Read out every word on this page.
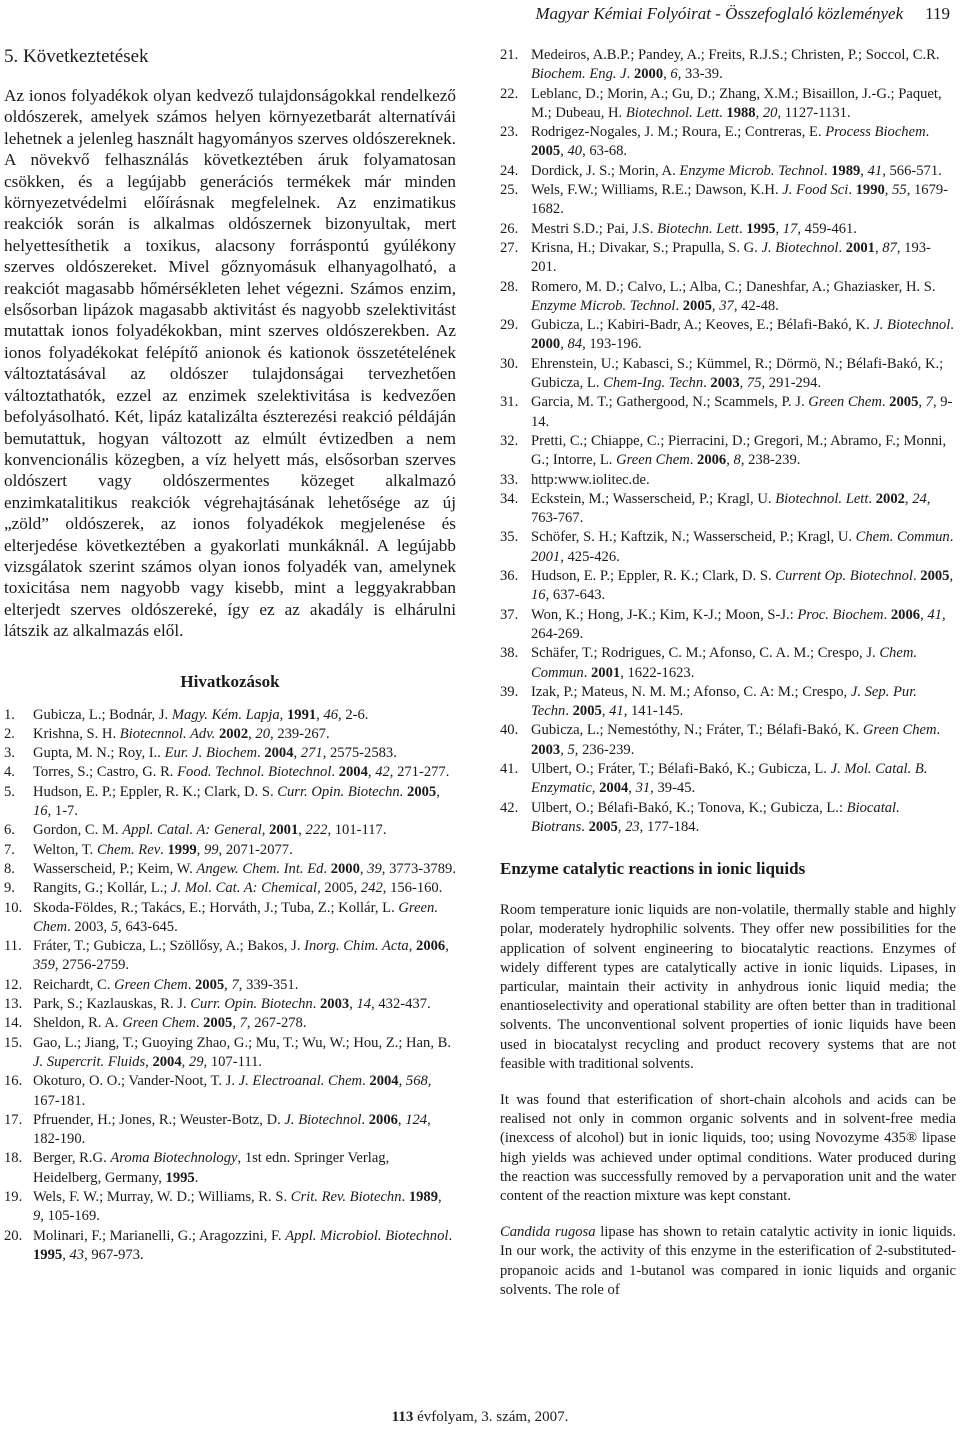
Magyar Kémiai Folyóirat - Összefoglaló közlemények 119
5. Következtetések

Az ionos folyadékok olyan kedvező tulajdonságokkal rendelkező oldószerek, amelyek számos helyen környezetbarát alternatívái lehetnek a jelenleg használt hagyományos szerves oldószereknek. A növekvő felhasználás következtében áruk folyamatosan csökken, és a legújabb generációs termékek már minden környezetvédelmi előírásnak megfelelnek. Az enzimatikus reakciók során is alkalmas oldószernek bizonyultak, mert helyettesíthetik a toxikus, alacsony forráspontú gyúlékony szerves oldószereket. Mivel gőznyomásuk elhanyagolható, a reakciót magasabb hőmérsékleten lehet végezni. Számos enzim, elsősorban lipázok magasabb aktivitást és nagyobb szelektivitást mutattak ionos folyadékokban, mint szerves oldószerekben. Az ionos folyadékokat felépítő anionok és kationok összetételének változtatásával az oldószer tulajdonságai tervezhetően változtathatók, ezzel az enzimek szelektivitása is kedvezően befolyásolható. Két, lipáz katalizálta észterezési reakció példáján bemutattuk, hogyan változott az elmúlt évtizedben a nem konvencionális közegben, a víz helyett más, elsősorban szerves oldószert vagy oldószermentes közeget alkalmazó enzimkatalitikus reakciók végrehajtásának lehetősége az új „zöld” oldószerek, az ionos folyadékok megjelenése és elterjedése következtében a gyakorlati munkáknál. A legújabb vizsgálatok szerint számos olyan ionos folyadék van, amelynek toxicitása nem nagyobb vagy kisebb, mint a leggyakrabban elterjedt szerves oldószereké, így ez az akadály is elhárulni látszik az alkalmazás elől.

Hivatkozások
1. Gubicza, L.; Bodnár, J. Magy. Kém. Lapja, 1991, 46, 2-6.
2. Krishna, S. H. Biotecnnol. Adv. 2002, 20, 239-267.
3. Gupta, M. N.; Roy, I.. Eur. J. Biochem. 2004, 271, 2575-2583.
4. Torres, S.; Castro, G. R. Food. Technol. Biotechnol. 2004, 42, 271-277.
5. Hudson, E. P.; Eppler, R. K.; Clark, D. S. Curr. Opin. Biotechn. 2005, 16, 1-7.
6. Gordon, C. M. Appl. Catal. A: General, 2001, 222, 101-117.
7. Welton, T. Chem. Rev. 1999, 99, 2071-2077.
8. Wasserscheid, P.; Keim, W. Angew. Chem. Int. Ed. 2000, 39, 3773-3789.
9. Rangits, G.; Kollár, L.; J. Mol. Cat. A: Chemical, 2005, 242, 156-160.
10. Skoda-Földes, R.; Takács, E.; Horváth, J.; Tuba, Z.; Kollár, L. Green. Chem. 2003, 5, 643-645.
11. Fráter, T.; Gubicza, L.; Szöllősy, A.; Bakos, J. Inorg. Chim. Acta, 2006, 359, 2756-2759.
12. Reichardt, C. Green Chem. 2005, 7, 339-351.
13. Park, S.; Kazlauskas, R. J. Curr. Opin. Biotechn. 2003, 14, 432-437.
14. Sheldon, R. A. Green Chem. 2005, 7, 267-278.
15. Gao, L.; Jiang, T.; Guoying Zhao, G.; Mu, T.; Wu, W.; Hou, Z.; Han, B. J. Supercrit. Fluids, 2004, 29, 107-111.
16. Okoturo, O. O.; Vander-Noot, T. J. J. Electroanal. Chem. 2004, 568, 167-181.
17. Pfruender, H.; Jones, R.; Weuster-Botz, D. J. Biotechnol. 2006, 124, 182-190.
18. Berger, R.G. Aroma Biotechnology, 1st edn. Springer Verlag, Heidelberg, Germany, 1995.
19. Wels, F. W.; Murray, W. D.; Williams, R. S. Crit. Rev. Biotechn. 1989, 9, 105-169.
20. Molinari, F.; Marianelli, G.; Aragozzini, F. Appl. Microbiol. Biotechnol. 1995, 43, 967-973.
21. Medeiros, A.B.P.; Pandey, A.; Freits, R.J.S.; Christen, P.; Soccol, C.R. Biochem. Eng. J. 2000, 6, 33-39.
22. Leblanc, D.; Morin, A.; Gu, D.; Zhang, X.M.; Bisaillon, J.-G.; Paquet, M.; Dubeau, H. Biotechnol. Lett. 1988, 20, 1127-1131.
23. Rodrigez-Nogales, J. M.; Roura, E.; Contreras, E. Process Biochem. 2005, 40, 63-68.
24. Dordick, J. S.; Morin, A. Enzyme Microb. Technol. 1989, 41, 566-571.
25. Wels, F.W.; Williams, R.E.; Dawson, K.H. J. Food Sci. 1990, 55, 1679-1682.
26. Mestri S.D.; Pai, J.S. Biotechn. Lett. 1995, 17, 459-461.
27. Krisna, H.; Divakar, S.; Prapulla, S. G. J. Biotechnol. 2001, 87, 193-201.
28. Romero, M. D.; Calvo, L.; Alba, C.; Daneshfar, A.; Ghaziasker, H. S. Enzyme Microb. Technol. 2005, 37, 42-48.
29. Gubicza, L.; Kabiri-Badr, A.; Keoves, E.; Bélafi-Bakó, K. J. Biotechnol. 2000, 84, 193-196.
30. Ehrenstein, U.; Kabasci, S.; Kümmel, R.; Dörmö, N.; Bélafi-Bakó, K.; Gubicza, L. Chem-Ing. Techn. 2003, 75, 291-294.
31. Garcia, M. T.; Gathergood, N.; Scammels, P. J. Green Chem. 2005, 7, 9-14.
32. Pretti, C.; Chiappe, C.; Pierracini, D.; Gregori, M.; Abramo, F.; Monni, G.; Intorre, L. Green Chem. 2006, 8, 238-239.
33. http:www.iolitec.de.
34. Eckstein, M.; Wasserscheid, P.; Kragl, U. Biotechnol. Lett. 2002, 24, 763-767.
35. Schöfer, S. H.; Kaftzik, N.; Wasserscheid, P.; Kragl, U. Chem. Commun. 2001, 425-426.
36. Hudson, E. P.; Eppler, R. K.; Clark, D. S. Current Op. Biotechnol. 2005, 16, 637-643.
37. Won, K.; Hong, J-K.; Kim, K-J.; Moon, S-J.: Proc. Biochem. 2006, 41, 264-269.
38. Schäfer, T.; Rodrigues, C. M.; Afonso, C. A. M.; Crespo, J. Chem. Commun. 2001, 1622-1623.
39. Izak, P.; Mateus, N. M. M.; Afonso, C. A: M.; Crespo, J. Sep. Pur. Techn. 2005, 41, 141-145.
40. Gubicza, L.; Nemestóthy, N.; Fráter, T.; Bélafi-Bakó, K. Green Chem. 2003, 5, 236-239.
41. Ulbert, O.; Fráter, T.; Bélafi-Bakó, K.; Gubicza, L. J. Mol. Catal. B. Enzymatic, 2004, 31, 39-45.
42. Ulbert, O.; Bélafi-Bakó, K.; Tonova, K.; Gubicza, L.: Biocatal. Biotrans. 2005, 23, 177-184.
Enzyme catalytic reactions in ionic liquids

Room temperature ionic liquids are non-volatile, thermally stable and highly polar, moderately hydrophilic solvents. They offer new possibilities for the application of solvent engineering to biocatalytic reactions. Enzymes of widely different types are catalytically active in ionic liquids. Lipases, in particular, maintain their activity in anhydrous ionic liquid media; the enantioselectivity and operational stability are often better than in traditional solvents. The unconventional solvent properties of ionic liquids have been used in biocatalyst recycling and product recovery systems that are not feasible with traditional solvents.

It was found that esterification of short-chain alcohols and acids can be realised not only in common organic solvents and in solvent-free media (inexcess of alcohol) but in ionic liquids, too; using Novozyme 435® lipase high yields was achieved under optimal conditions. Water produced during the reaction was successfully removed by a pervaporation unit and the water content of the reaction mixture was kept constant.

Candida rugosa lipase has shown to retain catalytic activity in ionic liquids. In our work, the activity of this enzyme in the esterification of 2-substituted-propanoic acids and 1-butanol was compared in ionic liquids and organic solvents. The role of

113 évfolyam, 3. szám, 2007.
